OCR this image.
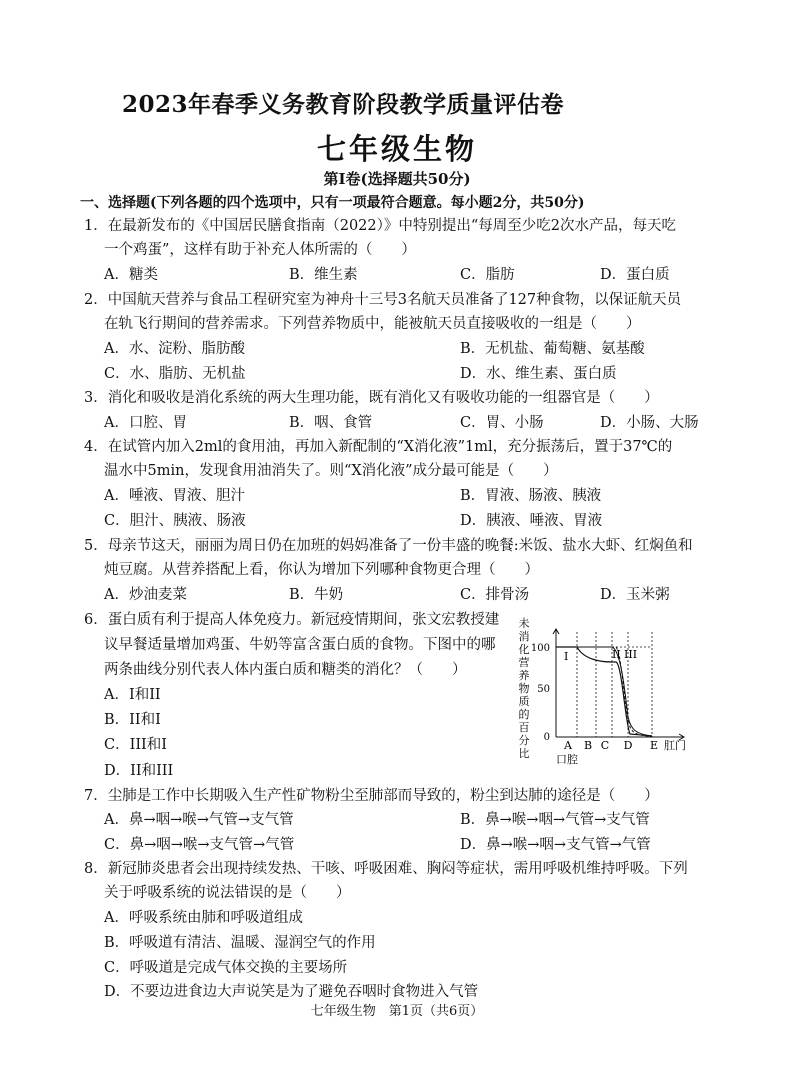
2023年春季义务教育阶段教学质量评估卷
七年级生物
第Ⅰ卷(选择题共50分)
一、选择题(下列各题的四个选项中，只有一项最符合题意。每小题2分，共50分)
1．在最新发布的《中国居民膳食指南（2022）》中特别提出“每周至少吃2次水产品，每天吃
一个鸡蛋”，这样有助于补充人体所需的（　　）
A．糖类	B．维生素	C．脂肪	D．蛋白质
2．中国航天营养与食品工程研究室为神舟十三号3名航天员准备了127种食物，以保证航天员
在轨飞行期间的营养需求。下列营养物质中，能被航天员直接吸收的一组是（　　）
A．水、淀粉、脂肪酸	B．无机盐、葡萄糖、氨基酸
C．水、脂肪、无机盐	D．水、维生素、蛋白质
3．消化和吸收是消化系统的两大生理功能，既有消化又有吸收功能的一组器官是（　　）
A．口腔、胃	B．咽、食管	C．胃、小肠	D．小肠、大肠
4．在试管内加入2ml的食用油，再加入新配制的“X消化液”1ml，充分振荡后，置于37℃的
温水中5min，发现食用油消失了。则“X消化液”成分最可能是（　　）
A．唾液、胃液、胆汁	B．胃液、肠液、胰液
C．胆汁、胰液、肠液	D．胰液、唾液、胃液
5．母亲节这天，丽丽为周日仍在加班的妈妈准备了一份丰盛的晚餐:米饭、盐水大虾、红焖鱼和
炖豆腐。从营养搭配上看，你认为增加下列哪种食物更合理（　　）
A．炒油麦菜	B．牛奶	C．排骨汤	D．玉米粥
6．蛋白质有利于提高人体免疫力。新冠疫情期间，张文宏教授建
议早餐适量增加鸡蛋、牛奶等富含蛋白质的食物。下图中的哪
两条曲线分别代表人体内蛋白质和糖类的消化？（　　）
A．I和II
B．II和I
C．III和I
D．II和III
未
消
化
营
养
物
质
的
百
分
比
100
50
0
I	II III
A B C D E 肛门
口腔
7．尘肺是工作中长期吸入生产性矿物粉尘至肺部而导致的，粉尘到达肺的途径是（　　）
A．鼻→咽→喉→气管→支气管	B．鼻→喉→咽→气管→支气管
C．鼻→咽→喉→支气管→气管	D．鼻→喉→咽→支气管→气管
8．新冠肺炎患者会出现持续发热、干咳、呼吸困难、胸闷等症状，需用呼吸机维持呼吸。下列
关于呼吸系统的说法错误的是（　　）
A．呼吸系统由肺和呼吸道组成
B．呼吸道有清洁、温暖、湿润空气的作用
C．呼吸道是完成气体交换的主要场所
D．不要边进食边大声说笑是为了避免吞咽时食物进入气管
七年级生物　第1页（共6页）
